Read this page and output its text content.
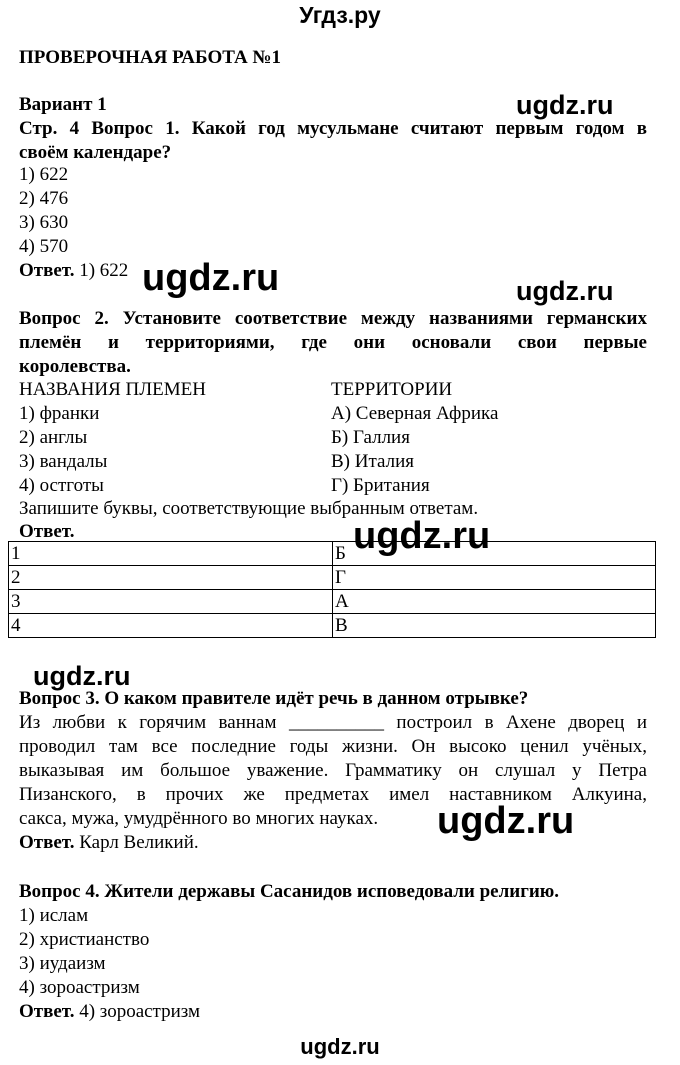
Угдз.ру
ПРОВЕРОЧНАЯ РАБОТА №1
Вариант 1	ugdz.ru
Стр. 4 Вопрос 1. Какой год мусульмане считают первым годом в
своём календаре?
1) 622
2) 476
3) 630
4) 570
Ответ. 1) 622 ugdz.ru	ugdz.ru
Вопрос 2. Установите соответствие между названиями германских
племён и территориями, где они основали свои первые
королевства.
НАЗВАНИЯ ПЛЕМЕН	ТЕРРИТОРИИ
1) франки	А) Северная Африка
2) англы	Б) Галлия
3) вандалы	В) Италия
4) остготы	Г) Британия
Запишите буквы, соответствующие выбранным ответам.
Ответ.
1	Б
2	Г
3	А
4	В
ugdz.ru
ugdz.ru
Вопрос 3. О каком правителе идёт речь в данном отрывке?
Из любви к горячим ваннам __________ построил в Ахене дворец и
проводил там все последние годы жизни. Он высоко ценил учёных,
выказывая им большое уважение. Грамматику он слушал у Петра
Пизанского, в прочих же предметах имел наставником Алкуина,
сакса, мужа, умудрённого во многих науках.
Ответ. Карл Великий.
ugdz.ru
Вопрос 4. Жители державы Сасанидов исповедовали религию.
1) ислам
2) христианство
3) иудаизм
4) зороастризм
Ответ. 4) зороастризм
ugdz.ru
